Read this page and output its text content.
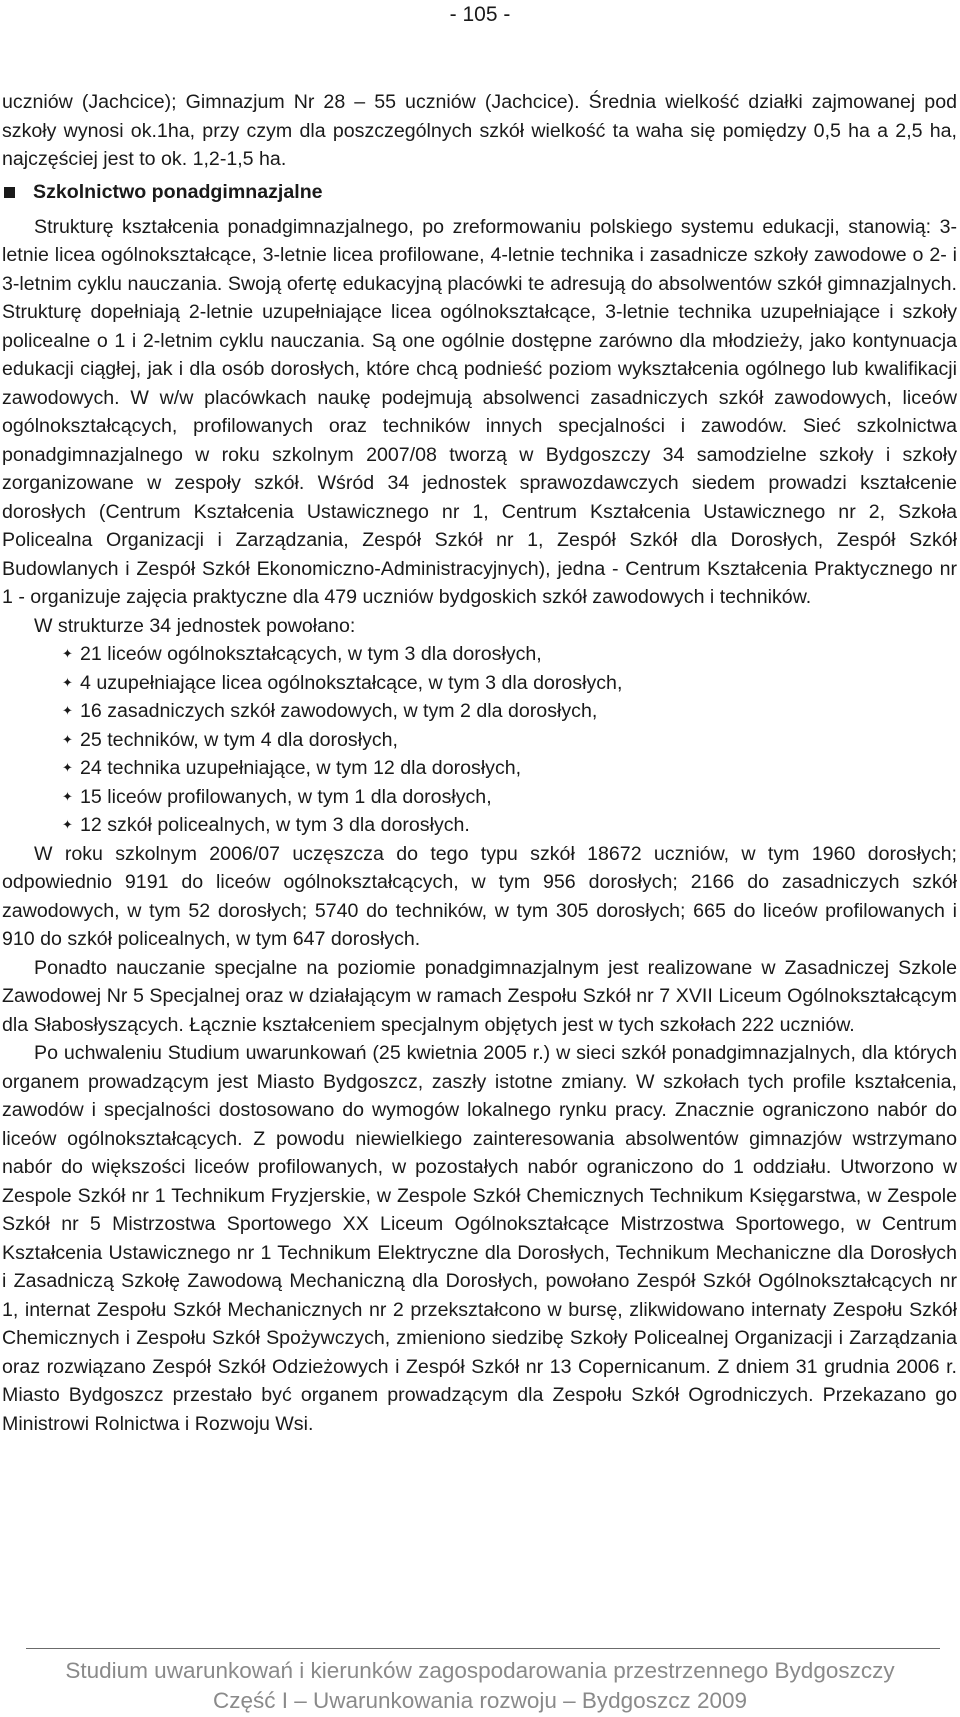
- 105 -

uczniów (Jachcice); Gimnazjum Nr 28 – 55 uczniów (Jachcice). Średnia wielkość działki zajmowanej pod szkoły wynosi ok.1ha, przy czym dla poszczególnych szkół wielkość ta waha się pomiędzy 0,5 ha a 2,5 ha, najczęściej jest to ok. 1,2-1,5 ha.

Szkolnictwo ponadgimnazjalne

Strukturę kształcenia ponadgimnazjalnego, po zreformowaniu polskiego systemu edukacji, stanowią: 3-letnie licea ogólnokształcące, 3-letnie licea profilowane, 4-letnie technika i zasadnicze szkoły zawodowe o 2- i 3-letnim cyklu nauczania. Swoją ofertę edukacyjną placówki te adresują do absolwentów szkół gimnazjalnych. Strukturę dopełniają 2-letnie uzupełniające licea ogólnokształcące, 3-letnie technika uzupełniające i szkoły policealne o 1 i 2-letnim cyklu nauczania. Są one ogólnie dostępne zarówno dla młodzieży, jako kontynuacja edukacji ciągłej, jak i dla osób dorosłych, które chcą podnieść poziom wykształcenia ogólnego lub kwalifikacji zawodowych. W w/w placówkach naukę podejmują absolwenci zasadniczych szkół zawodowych, liceów ogólnokształcących, profilowanych oraz techników innych specjalności i zawodów. Sieć szkolnictwa ponadgimnazjalnego w roku szkolnym 2007/08 tworzą w Bydgoszczy 34 samodzielne szkoły i szkoły zorganizowane w zespoły szkół. Wśród 34 jednostek sprawozdawczych siedem prowadzi kształcenie dorosłych (Centrum Kształcenia Ustawicznego nr 1, Centrum Kształcenia Ustawicznego nr 2, Szkoła Policealna Organizacji i Zarządzania, Zespół Szkół nr 1, Zespół Szkół dla Dorosłych, Zespół Szkół Budowlanych i Zespół Szkół Ekonomiczno-Administracyjnych), jedna - Centrum Kształcenia Praktycznego nr 1 - organizuje zajęcia praktyczne dla 479 uczniów bydgoskich szkół zawodowych i techników.

W strukturze 34 jednostek powołano:

✦ 21 liceów ogólnokształcących, w tym 3 dla dorosłych,
✦ 4 uzupełniające licea ogólnokształcące, w tym 3 dla dorosłych,
✦ 16 zasadniczych szkół zawodowych, w tym 2 dla dorosłych,
✦ 25 techników, w tym 4 dla dorosłych,
✦ 24 technika uzupełniające, w tym 12 dla dorosłych,
✦ 15 liceów profilowanych, w tym 1 dla dorosłych,
✦ 12 szkół policealnych, w tym 3 dla dorosłych.

W roku szkolnym 2006/07 uczęszcza do tego typu szkół 18672 uczniów, w tym 1960 dorosłych; odpowiednio 9191 do liceów ogólnokształcących, w tym 956 dorosłych; 2166 do zasadniczych szkół zawodowych, w tym 52 dorosłych; 5740 do techników, w tym 305 dorosłych; 665 do liceów profilowanych i 910 do szkół policealnych, w tym 647 dorosłych.

Ponadto nauczanie specjalne na poziomie ponadgimnazjalnym jest realizowane w Zasadniczej Szkole Zawodowej Nr 5 Specjalnej oraz w działającym w ramach Zespołu Szkół nr 7 XVII Liceum Ogólnokształcącym dla Słabosłyszących. Łącznie kształceniem specjalnym objętych jest w tych szkołach 222 uczniów.

Po uchwaleniu Studium uwarunkowań (25 kwietnia 2005 r.) w sieci szkół ponadgimnazjalnych, dla których organem prowadzącym jest Miasto Bydgoszcz, zaszły istotne zmiany. W szkołach tych profile kształcenia, zawodów i specjalności dostosowano do wymogów lokalnego rynku pracy. Znacznie ograniczono nabór do liceów ogólnokształcących. Z powodu niewielkiego zainteresowania absolwentów gimnazjów wstrzymano nabór do większości liceów profilowanych, w pozostałych nabór ograniczono do 1 oddziału. Utworzono w Zespole Szkół nr 1 Technikum Fryzjerskie, w Zespole Szkół Chemicznych Technikum Księgarstwa, w Zespole Szkół nr 5 Mistrzostwa Sportowego XX Liceum Ogólnokształcące Mistrzostwa Sportowego, w Centrum Kształcenia Ustawicznego nr 1 Technikum Elektryczne dla Dorosłych, Technikum Mechaniczne dla Dorosłych i Zasadniczą Szkołę Zawodową Mechaniczną dla Dorosłych, powołano Zespół Szkół Ogólnokształcących nr 1, internat Zespołu Szkół Mechanicznych nr 2 przekształcono w bursę, zlikwidowano internaty Zespołu Szkół Chemicznych i Zespołu Szkół Spożywczych, zmieniono siedzibę Szkoły Policealnej Organizacji i Zarządzania oraz rozwiązano Zespół Szkół Odzieżowych i Zespół Szkół nr 13 Copernicanum. Z dniem 31 grudnia 2006 r. Miasto Bydgoszcz przestało być organem prowadzącym dla Zespołu Szkół Ogrodniczych. Przekazano go Ministrowi Rolnictwa i Rozwoju Wsi.

Studium uwarunkowań i kierunków zagospodarowania przestrzennego Bydgoszczy
Część I – Uwarunkowania rozwoju – Bydgoszcz 2009
